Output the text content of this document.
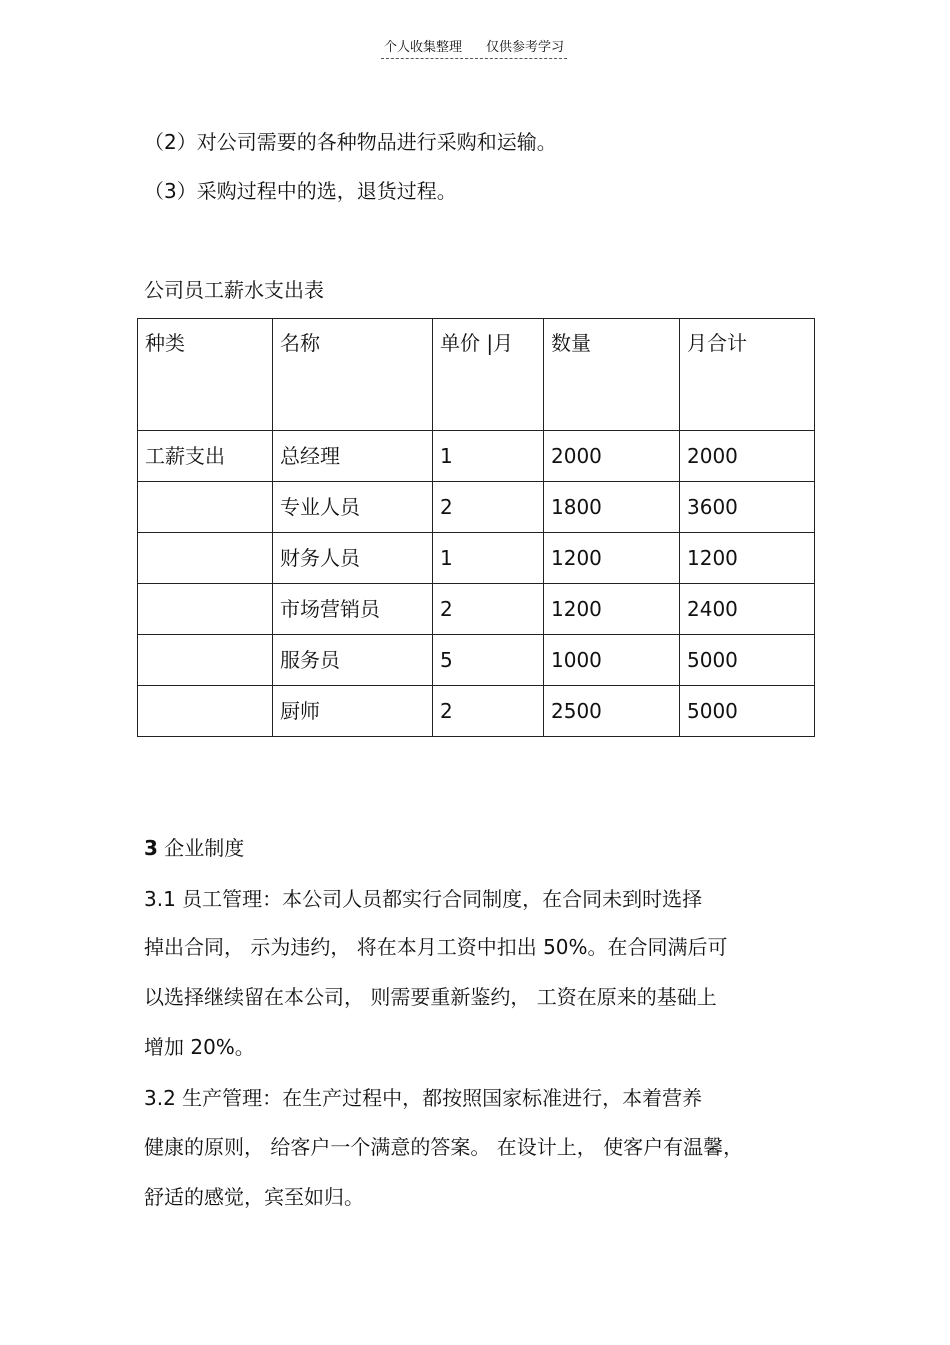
个人收集整理 仅供参考学习
（2）对公司需要的各种物品进行采购和运输。
（3）采购过程中的选，退货过程。
公司员工薪水支出表
种类	名称	单价 |月	数量	月合计
工薪支出	总经理	1	2000	2000
	专业人员	2	1800	3600
	财务人员	1	1200	1200
	市场营销员	2	1200	2400
	服务员	5	1000	5000
	厨师	2	2500	5000
3 企业制度
3.1 员工管理：本公司人员都实行合同制度，在合同未到时选择
掉出合同， 示为违约， 将在本月工资中扣出 50%。在合同满后可
以选择继续留在本公司， 则需要重新鉴约， 工资在原来的基础上
增加 20%。
3.2 生产管理：在生产过程中，都按照国家标准进行，本着营养
健康的原则， 给客户一个满意的答案。 在设计上， 使客户有温馨，
舒适的感觉，宾至如归。
